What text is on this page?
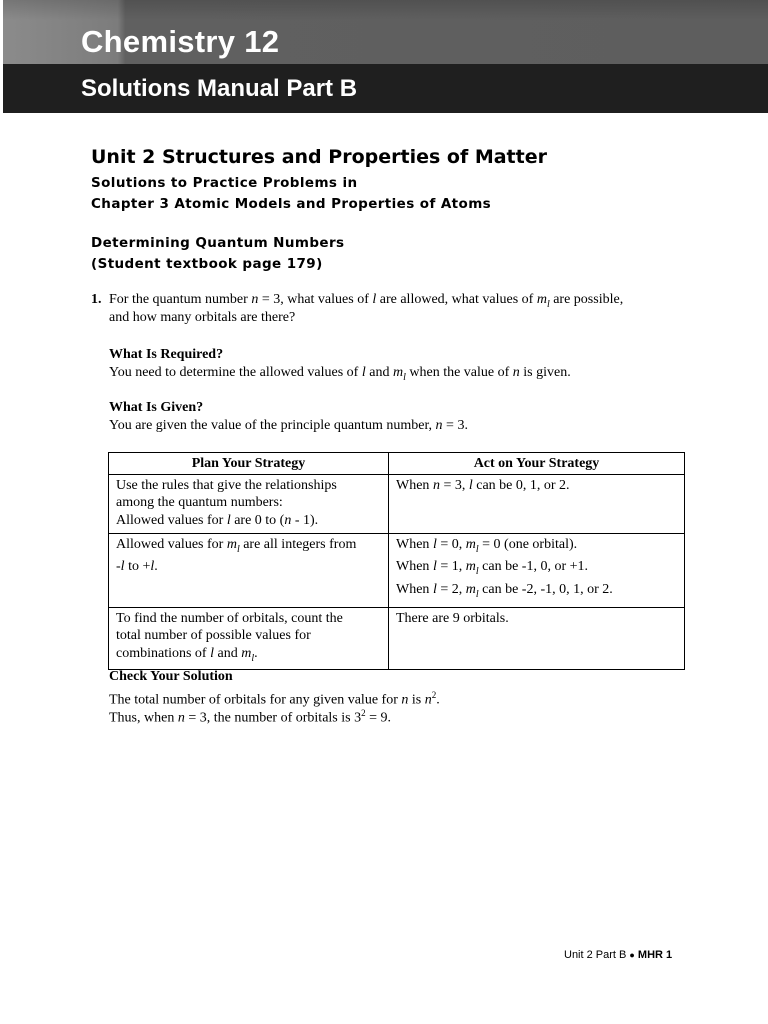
Chemistry 12
Solutions Manual Part B
Unit 2 Structures and Properties of Matter
Solutions to Practice Problems in
Chapter 3 Atomic Models and Properties of Atoms
Determining Quantum Numbers
(Student textbook page 179)
1. For the quantum number n = 3, what values of l are allowed, what values of $m_l$ are possible,
and how many orbitals are there?
What Is Required?
You need to determine the allowed values of l and $m_l$ when the value of n is given.
What Is Given?
You are given the value of the principle quantum number, n = 3.
Plan Your Strategy	Act on Your Strategy

Use the rules that give the relationships
among the quantum numbers:
Allowed values for l are 0 to (n - 1).	When n = 3, l can be 0, 1, or 2.

Allowed values for $m_l$ are all integers from
-l to +l.	When l = 0, $m_l = 0$ (one orbital).
When l = 1, $m_l$ can be -1, 0, or +1.
When l = 2, $m_l$ can be -2, -1, 0, 1, or 2.

To find the number of orbitals, count the
total number of possible values for
combinations of l and $m_l$.	There are 9 orbitals.
Check Your Solution
The total number of orbitals for any given value for n is $n^2$.
Thus, when n = 3, the number of orbitals is $3^2 = 9$.
Unit 2 Part B ● MHR 1
